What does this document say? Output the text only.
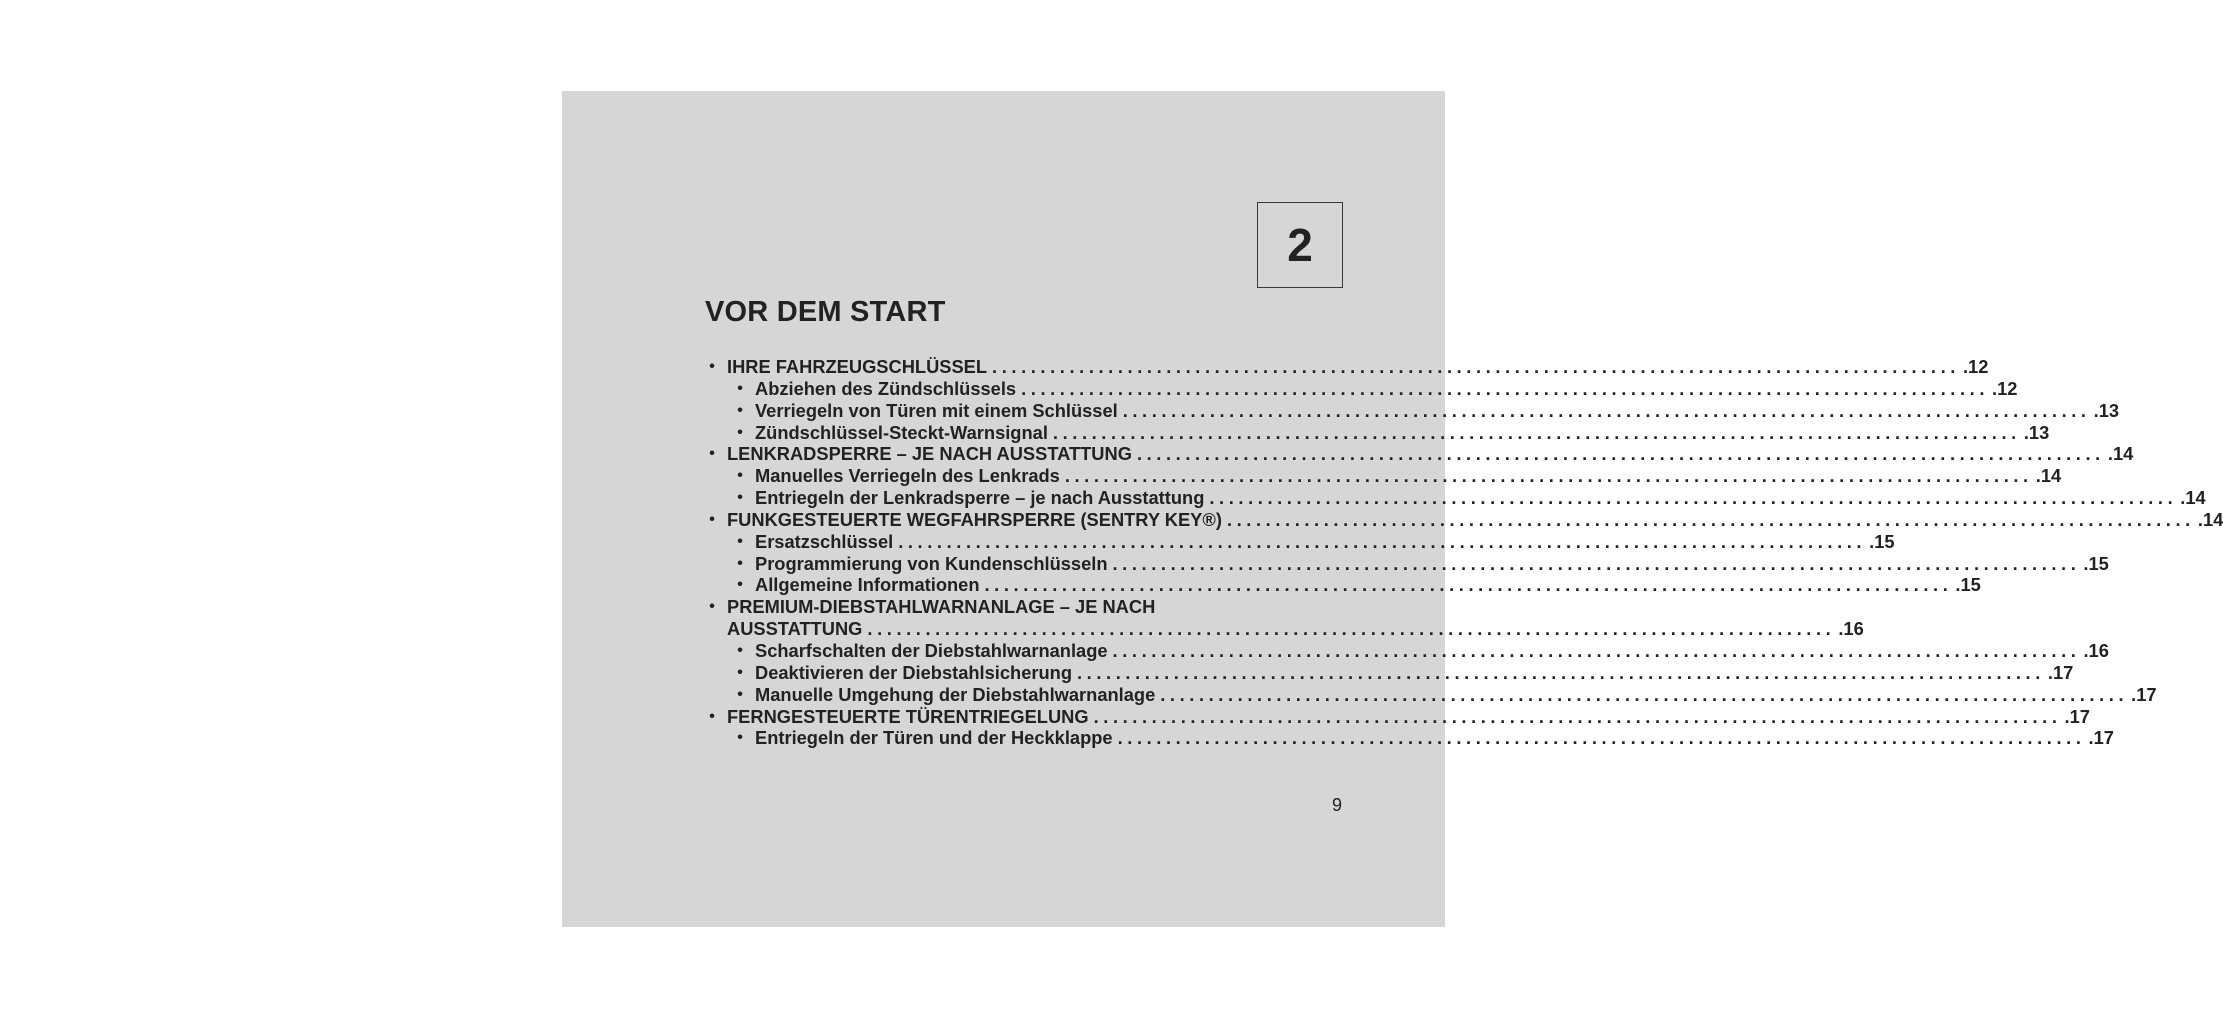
2
VOR DEM START
• IHRE FAHRZEUGSCHLÜSSEL .................................................................................................... .12
• Abziehen des Zündschlüssels .................................................................................................... .12
• Verriegeln von Türen mit einem Schlüssel .................................................................................................... .13
• Zündschlüssel-Steckt-Warnsignal .................................................................................................... .13
• LENKRADSPERRE – JE NACH AUSSTATTUNG .................................................................................................... .14
• Manuelles Verriegeln des Lenkrads .................................................................................................... .14
• Entriegeln der Lenkradsperre – je nach Ausstattung .................................................................................................... .14
• FUNKGESTEUERTE WEGFAHRSPERRE (SENTRY KEY®) .................................................................................................... .14
• Ersatzschlüssel .................................................................................................... .15
• Programmierung von Kundenschlüsseln .................................................................................................... .15
• Allgemeine Informationen .................................................................................................... .15
• PREMIUM-DIEBSTAHLWARNANLAGE – JE NACH
AUSSTATTUNG .................................................................................................... .16
• Scharfschalten der Diebstahlwarnanlage .................................................................................................... .16
• Deaktivieren der Diebstahlsicherung .................................................................................................... .17
• Manuelle Umgehung der Diebstahlwarnanlage .................................................................................................... .17
• FERNGESTEUERTE TÜRENTRIEGELUNG .................................................................................................... .17
• Entriegeln der Türen und der Heckklappe .................................................................................................... .17
9
